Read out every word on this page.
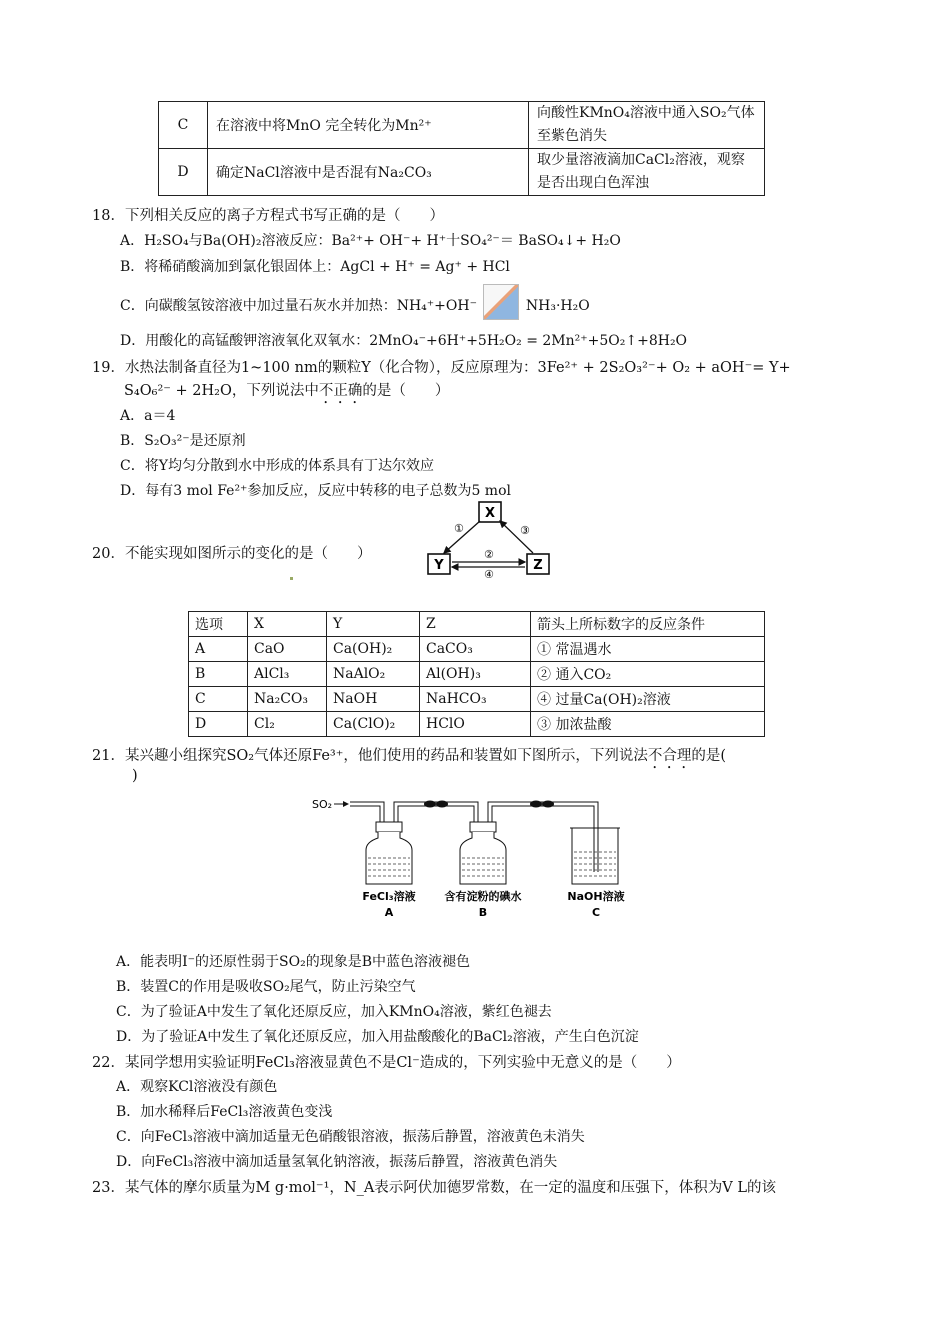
C	在溶液中将MnO 完全转化为Mn²⁺	向酸性KMnO₄溶液中通入SO₂气体至紫色消失
D	确定NaCl溶液中是否混有Na₂CO₃	取少量溶液滴加CaCl₂溶液，观察是否出现白色浑浊
18．下列相关反应的离子方程式书写正确的是（　　）
A．H₂SO₄与Ba(OH)₂溶液反应：Ba²⁺+ OH⁻+ H⁺十SO₄²⁻＝ BaSO₄↓+ H₂O
B．将稀硝酸滴加到氯化银固体上：AgCl + H⁺ = Ag⁺ + HCl
C．向碳酸氢铵溶液中加过量石灰水并加热：NH₄⁺+OH⁻	NH₃·H₂O
D．用酸化的高锰酸钾溶液氧化双氧水：2MnO₄⁻+6H⁺+5H₂O₂ = 2Mn²⁺+5O₂↑+8H₂O
19．水热法制备直径为1~100 nm的颗粒Y（化合物），反应原理为：3Fe²⁺ + 2S₂O₃²⁻+ O₂ + aOH⁻= Y+
S₄O₆²⁻ + 2H₂O，下列说法中不正确的是（　　）
A．a＝4
B．S₂O₃²⁻是还原剂
C．将Y均匀分散到水中形成的体系具有丁达尔效应
D．每有3 mol Fe²⁺参加反应，反应中转移的电子总数为5 mol
20．不能实现如图所示的变化的是（　　）
X
Y	Z
①	③
②
④
选项	X	Y	Z	箭头上所标数字的反应条件
A	CaO	Ca(OH)₂	CaCO₃	① 常温遇水
B	AlCl₃	NaAlO₂	Al(OH)₃	② 通入CO₂
C	Na₂CO₃	NaOH	NaHCO₃	④ 过量Ca(OH)₂溶液
D	Cl₂	Ca(ClO)₂	HClO	③ 加浓盐酸
21．某兴趣小组探究SO₂气体还原Fe³⁺，他们使用的药品和装置如下图所示，下列说法不合理的是(
)
SO₂
FeCl₃溶液
A
含有淀粉的碘水
B
NaOH溶液
C
A．能表明I⁻的还原性弱于SO₂的现象是B中蓝色溶液褪色
B．装置C的作用是吸收SO₂尾气，防止污染空气
C．为了验证A中发生了氧化还原反应，加入KMnO₄溶液，紫红色褪去
D．为了验证A中发生了氧化还原反应，加入用盐酸酸化的BaCl₂溶液，产生白色沉淀
22．某同学想用实验证明FeCl₃溶液显黄色不是Cl⁻造成的，下列实验中无意义的是（　　）
A．观察KCl溶液没有颜色
B．加水稀释后FeCl₃溶液黄色变浅
C．向FeCl₃溶液中滴加适量无色硝酸银溶液，振荡后静置，溶液黄色未消失
D．向FeCl₃溶液中滴加适量氢氧化钠溶液，振荡后静置，溶液黄色消失
23．某气体的摩尔质量为M g·mol⁻¹，N_A表示阿伏加德罗常数，在一定的温度和压强下，体积为V L的该
